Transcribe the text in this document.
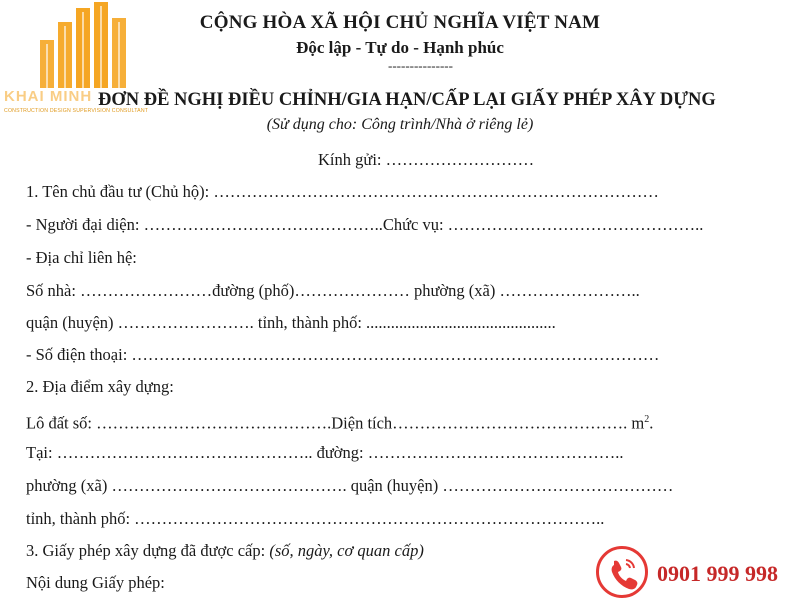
KHAI MINH
CONSTRUCTION DESIGN SUPERVISION CONSULTANT
CỘNG HÒA XÃ HỘI CHỦ NGHĨA VIỆT NAM
Độc lập - Tự do - Hạnh phúc
---------------
ĐƠN ĐỀ NGHỊ ĐIỀU CHỈNH/GIA HẠN/CẤP LẠI GIẤY PHÉP XÂY DỰNG
(Sử dụng cho: Công trình/Nhà ở riêng lẻ)
Kính gửi: ………………………
1. Tên chủ đầu tư (Chủ hộ): ………………………………………………………………………
- Người đại diện: ……………………………………..Chức vụ: ………………………………………..
- Địa chỉ liên hệ:
Số nhà: ……………………đường (phố)………………… phường (xã) ……………………..
quận (huyện) ……………………. tỉnh, thành phố: ..............................................
- Số điện thoại: ……………………………………………………………………………………
2. Địa điểm xây dựng:
Lô đất số: …………………………………….Diện tích……………………………………. $m^2$.
Tại: ……………………………………….. đường: ………………………………………..
phường (xã) ……………………………………. quận (huyện) ……………………………………
tỉnh, thành phố: …………………………………………………………………………..
3. Giấy phép xây dựng đã được cấp: (số, ngày, cơ quan cấp)
Nội dung Giấy phép:	0901 999 998
